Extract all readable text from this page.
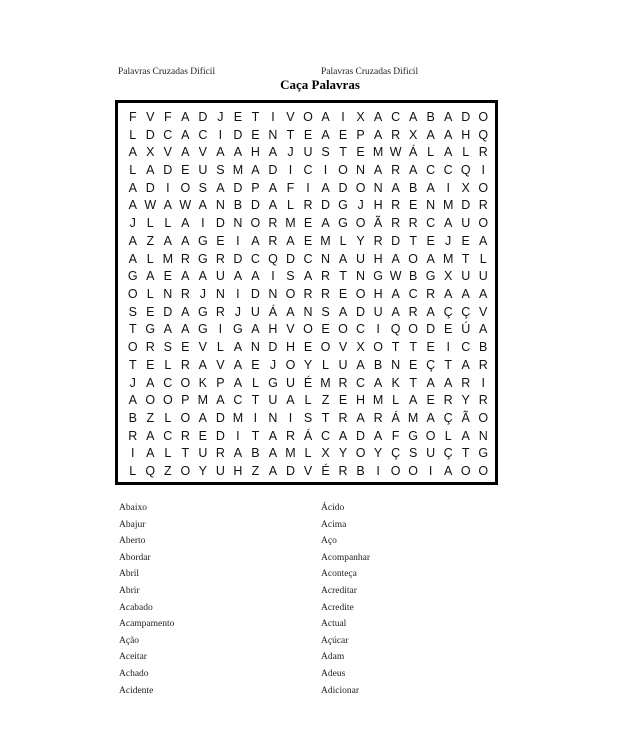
Palavras Cruzadas Dificil	Palavras Cruzadas Dificil
Caça Palavras
F V F A D J E T I V O A I X A C A B A D O
L D C A C I D E N T E A E P A R X A A H Q
A X V A V A A H A J U S T E M W Á L A L R
L A D E U S M A D I C I O N A R A C C Q I
A D I O S A D P A F I A D O N A B A I X O
A W A W A N B D A L R D G J H R E N M D R
J L L A I D N O R M E A G O Ã R R C A U O
A Z A A G E I A R A E M L Y R D T E J E A
A L M R G R D C Q D C N A U H A O A M T L
G A E A A U A A I S A R T N G W B G X U U
O L N R J N I D N O R R E O H A C R A A A
S E D A G R J U Á A N S A D U A R A Ç Ç V
T G A A G I G A H V O E O C I Q O D E Ú A
O R S E V L A N D H E O V X O T T E I C B
T E L R A V A E J O Y L U A B N E Ç T A R
J A C O K P A L G U É M R C A K T A A R I
A O O P M A C T U A L Z E H M L A E R Y R
B Z L O A D M I N I S T R A R Á M A Ç Ã O
R A C R E D I T A R Á C A D A F G O L A N
I A L T U R A B A M L X Y O Y Ç S U Ç T G
L Q Z O Y U H Z A D V É R B I O O I A O O
Abaixo
Abajur
Aberto
Abordar
Abril
Abrir
Acabado
Acampamento
Ação
Aceitar
Achado
Acidente
Ácido
Acima
Aço
Acompanhar
Aconteça
Acreditar
Acredite
Actual
Açúcar
Adam
Adeus
Adicionar
